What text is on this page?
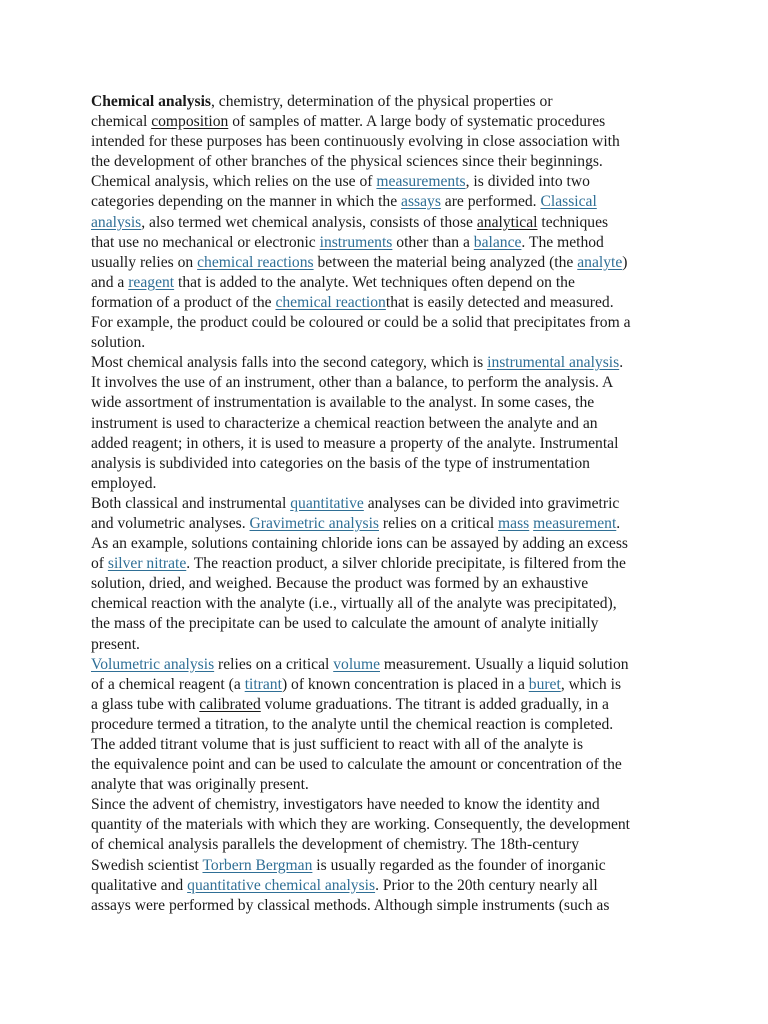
Chemical analysis, chemistry, determination of the physical properties or
chemical composition of samples of matter. A large body of systematic procedures
intended for these purposes has been continuously evolving in close association with
the development of other branches of the physical sciences since their beginnings.
Chemical analysis, which relies on the use of measurements, is divided into two
categories depending on the manner in which the assays are performed. Classical
analysis, also termed wet chemical analysis, consists of those analytical techniques
that use no mechanical or electronic instruments other than a balance. The method
usually relies on chemical reactions between the material being analyzed (the analyte)
and a reagent that is added to the analyte. Wet techniques often depend on the
formation of a product of the chemical reactionthat is easily detected and measured.
For example, the product could be coloured or could be a solid that precipitates from a
solution.
Most chemical analysis falls into the second category, which is instrumental analysis.
It involves the use of an instrument, other than a balance, to perform the analysis. A
wide assortment of instrumentation is available to the analyst. In some cases, the
instrument is used to characterize a chemical reaction between the analyte and an
added reagent; in others, it is used to measure a property of the analyte. Instrumental
analysis is subdivided into categories on the basis of the type of instrumentation
employed.
Both classical and instrumental quantitative analyses can be divided into gravimetric
and volumetric analyses. Gravimetric analysis relies on a critical mass measurement.
As an example, solutions containing chloride ions can be assayed by adding an excess
of silver nitrate. The reaction product, a silver chloride precipitate, is filtered from the
solution, dried, and weighed. Because the product was formed by an exhaustive
chemical reaction with the analyte (i.e., virtually all of the analyte was precipitated),
the mass of the precipitate can be used to calculate the amount of analyte initially
present.
Volumetric analysis relies on a critical volume measurement. Usually a liquid solution
of a chemical reagent (a titrant) of known concentration is placed in a buret, which is
a glass tube with calibrated volume graduations. The titrant is added gradually, in a
procedure termed a titration, to the analyte until the chemical reaction is completed.
The added titrant volume that is just sufficient to react with all of the analyte is
the equivalence point and can be used to calculate the amount or concentration of the
analyte that was originally present.
Since the advent of chemistry, investigators have needed to know the identity and
quantity of the materials with which they are working. Consequently, the development
of chemical analysis parallels the development of chemistry. The 18th-century
Swedish scientist Torbern Bergman is usually regarded as the founder of inorganic
qualitative and quantitative chemical analysis. Prior to the 20th century nearly all
assays were performed by classical methods. Although simple instruments (such as
